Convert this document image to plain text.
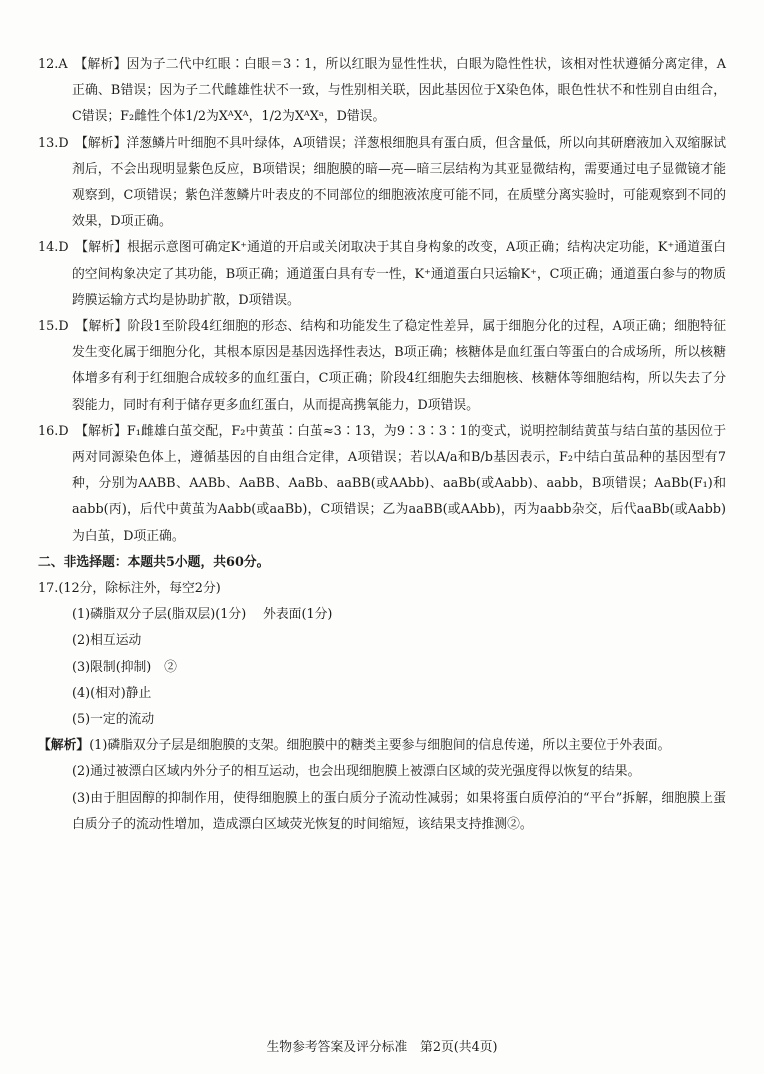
12.A　【解析】因为子二代中红眼∶白眼＝3∶1，所以红眼为显性性状，白眼为隐性性状，该相对性状遵循分离定律，A正确、B错误；因为子二代雌雄性状不一致，与性别相关联，因此基因位于X染色体，眼色性状不和性别自由组合，C错误；F₂雌性个体1/2为XᴬXᴬ，1/2为XᴬXᵃ，D错误。

13.D　【解析】洋葱鳞片叶细胞不具叶绿体，A项错误；洋葱根细胞具有蛋白质，但含量低，所以向其研磨液加入双缩脲试剂后，不会出现明显紫色反应，B项错误；细胞膜的暗—亮—暗三层结构为其亚显微结构，需要通过电子显微镜才能观察到，C项错误；紫色洋葱鳞片叶表皮的不同部位的细胞液浓度可能不同，在质壁分离实验时，可能观察到不同的效果，D项正确。

14.D　【解析】根据示意图可确定K⁺通道的开启或关闭取决于其自身构象的改变，A项正确；结构决定功能，K⁺通道蛋白的空间构象决定了其功能，B项正确；通道蛋白具有专一性，K⁺通道蛋白只运输K⁺，C项正确；通道蛋白参与的物质跨膜运输方式均是协助扩散，D项错误。

15.D　【解析】阶段1至阶段4红细胞的形态、结构和功能发生了稳定性差异，属于细胞分化的过程，A项正确；细胞特征发生变化属于细胞分化，其根本原因是基因选择性表达，B项正确；核糖体是血红蛋白等蛋白的合成场所，所以核糖体增多有利于红细胞合成较多的血红蛋白，C项正确；阶段4红细胞失去细胞核、核糖体等细胞结构，所以失去了分裂能力，同时有利于储存更多血红蛋白，从而提高携氧能力，D项错误。

16.D　【解析】F₁雌雄白茧交配，F₂中黄茧∶白茧≈3∶13，为9∶3∶3∶1的变式，说明控制结黄茧与结白茧的基因位于两对同源染色体上，遵循基因的自由组合定律，A项错误；若以A/a和B/b基因表示，F₂中结白茧品种的基因型有7种，分别为AABB、AABb、AaBB、AaBb、aaBB(或AAbb)、aaBb(或Aabb)、aabb，B项错误；AaBb(F₁)和aabb(丙)，后代中黄茧为Aabb(或aaBb)，C项错误；乙为aaBB(或AAbb)，丙为aabb杂交，后代aaBb(或Aabb)为白茧，D项正确。

二、非选择题：本题共5小题，共60分。

17.(12分，除标注外，每空2分)

(1)磷脂双分子层(脂双层)(1分)　 外表面(1分)

(2)相互运动

(3)限制(抑制)　②

(4)(相对)静止

(5)一定的流动

【解析】(1)磷脂双分子层是细胞膜的支架。细胞膜中的糖类主要参与细胞间的信息传递，所以主要位于外表面。

(2)通过被漂白区域内外分子的相互运动，也会出现细胞膜上被漂白区域的荧光强度得以恢复的结果。

(3)由于胆固醇的抑制作用，使得细胞膜上的蛋白质分子流动性减弱；如果将蛋白质停泊的“平台”拆解，细胞膜上蛋白质分子的流动性增加，造成漂白区域荧光恢复的时间缩短，该结果支持推测②。

生物参考答案及评分标准　第2页(共4页)
